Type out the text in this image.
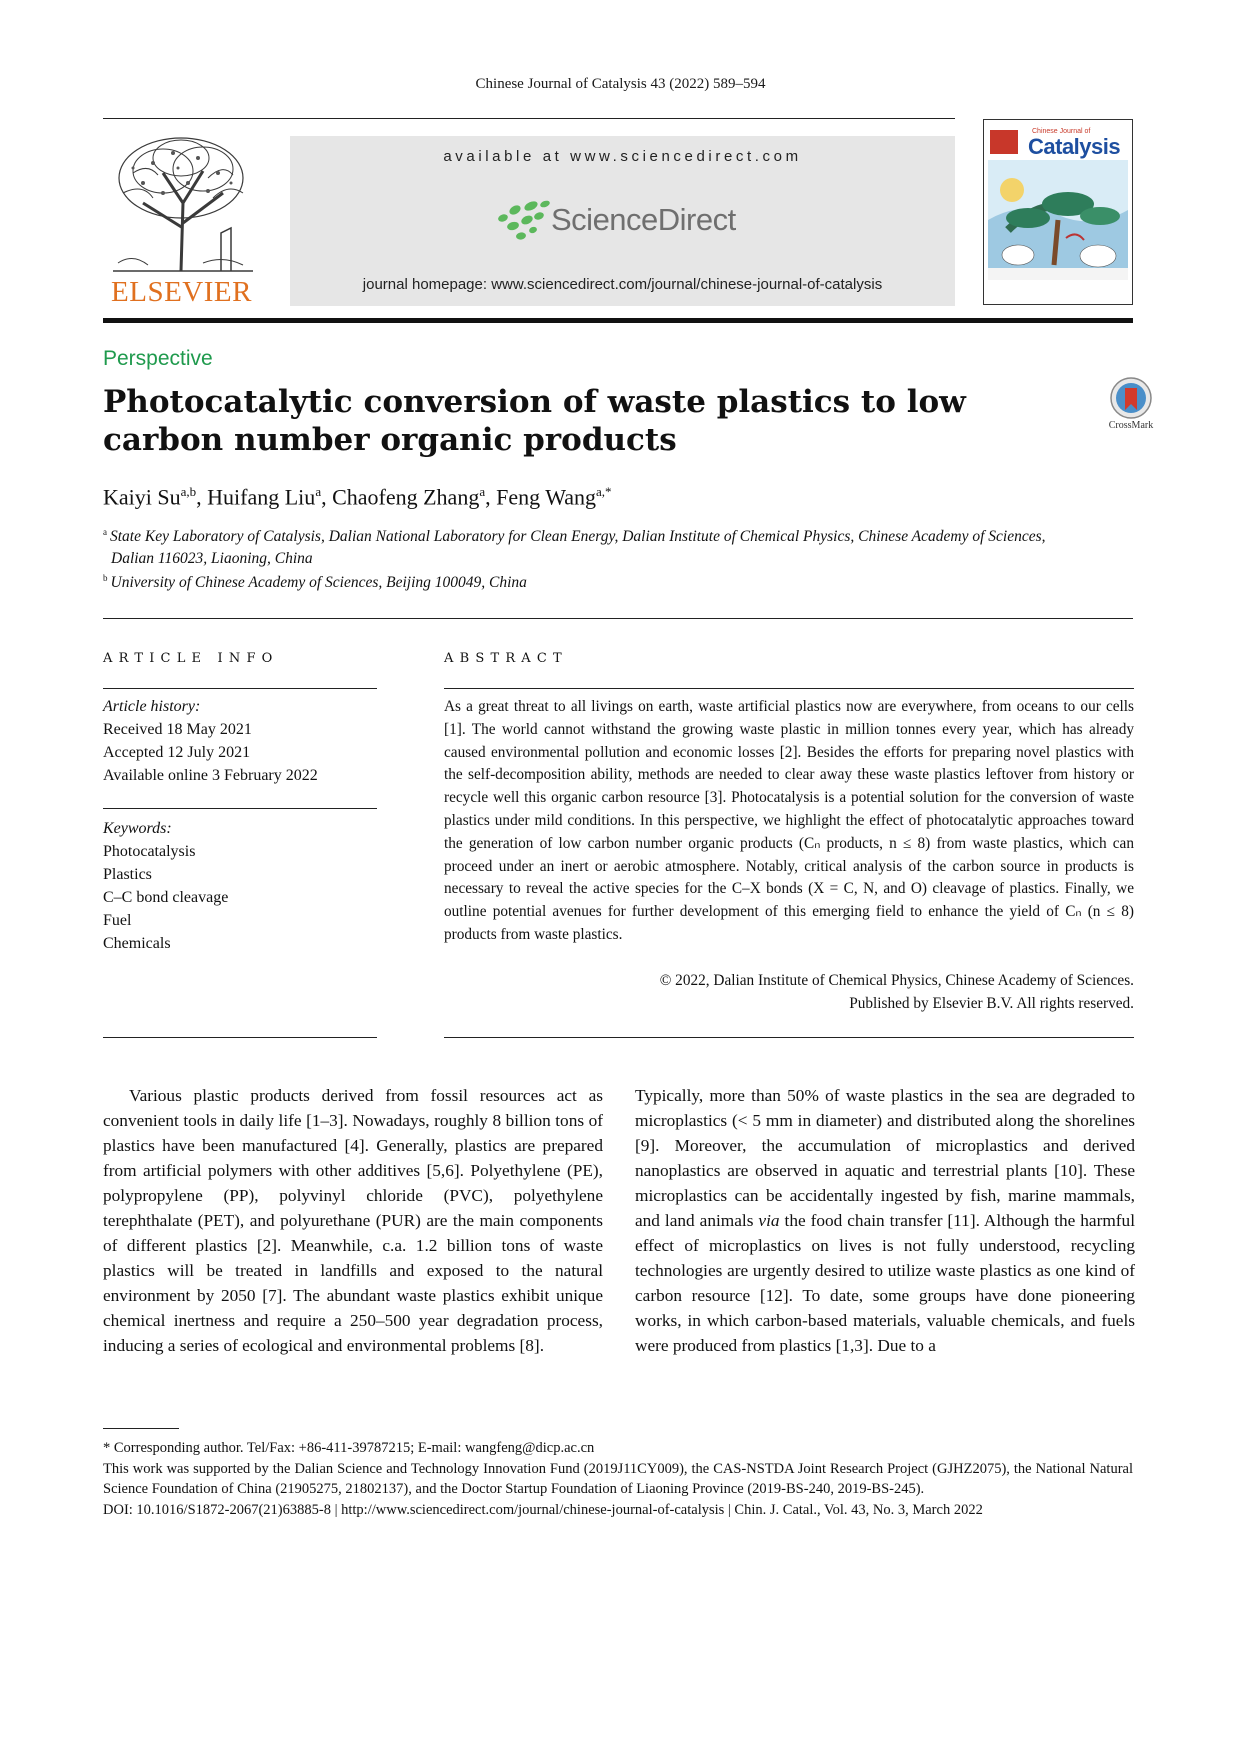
Chinese Journal of Catalysis 43 (2022) 589–594
ELSEVIER
available at www.sciencedirect.com
ScienceDirect
journal homepage: www.sciencedirect.com/journal/chinese-journal-of-catalysis
Chinese Journal of
Catalysis
Perspective
Photocatalytic conversion of waste plastics to low carbon number organic products	CrossMark
Kaiyi Su$^{a,b}$, Huifang Liu$^a$, Chaofeng Zhang$^a$, Feng Wang$^{a,*}$
$^a$ State Key Laboratory of Catalysis, Dalian National Laboratory for Clean Energy, Dalian Institute of Chemical Physics, Chinese Academy of Sciences,
Dalian 116023, Liaoning, China
$^b$ University of Chinese Academy of Sciences, Beijing 100049, China
ARTICLE INFO
Article history:
Received 18 May 2021
Accepted 12 July 2021
Available online 3 February 2022
Keywords:
Photocatalysis
Plastics
C–C bond cleavage
Fuel
Chemicals
ABSTRACT
As a great threat to all livings on earth, waste artificial plastics now are everywhere, from oceans to our cells [1]. The world cannot withstand the growing waste plastic in million tonnes every year, which has already caused environmental pollution and economic losses [2]. Besides the efforts for preparing novel plastics with the self-decomposition ability, methods are needed to clear away these waste plastics leftover from history or recycle well this organic carbon resource [3]. Photocatalysis is a potential solution for the conversion of waste plastics under mild conditions. In this perspective, we highlight the effect of photocatalytic approaches toward the generation of low carbon number organic products (Cₙ products, n ≤ 8) from waste plastics, which can proceed under an inert or aerobic atmosphere. Notably, critical analysis of the carbon source in products is necessary to reveal the active species for the C–X bonds (X = C, N, and O) cleavage of plastics. Finally, we outline potential avenues for further development of this emerging field to enhance the yield of Cₙ (n ≤ 8) products from waste plastics.
© 2022, Dalian Institute of Chemical Physics, Chinese Academy of Sciences.
Published by Elsevier B.V. All rights reserved.

Various plastic products derived from fossil resources act as convenient tools in daily life [1–3]. Nowadays, roughly 8 billion tons of plastics have been manufactured [4]. Generally, plastics are prepared from artificial polymers with other additives [5,6]. Polyethylene (PE), polypropylene (PP), polyvinyl chloride (PVC), polyethylene terephthalate (PET), and polyurethane (PUR) are the main components of different plastics [2]. Meanwhile, c.a. 1.2 billion tons of waste plastics will be treated in landfills and exposed to the natural environment by 2050 [7]. The abundant waste plastics exhibit unique chemical inertness and require a 250–500 year degradation process, inducing a series of ecological and environmental problems [8].

Typically, more than 50% of waste plastics in the sea are degraded to microplastics (< 5 mm in diameter) and distributed along the shorelines [9]. Moreover, the accumulation of microplastics and derived nanoplastics are observed in aquatic and terrestrial plants [10]. These microplastics can be accidentally ingested by fish, marine mammals, and land animals via the food chain transfer [11]. Although the harmful effect of microplastics on lives is not fully understood, recycling technologies are urgently desired to utilize waste plastics as one kind of carbon resource [12]. To date, some groups have done pioneering works, in which carbon-based materials, valuable chemicals, and fuels were produced from plastics [1,3]. Due to a

* Corresponding author. Tel/Fax: +86-411-39787215; E-mail: wangfeng@dicp.ac.cn

This work was supported by the Dalian Science and Technology Innovation Fund (2019J11CY009), the CAS-NSTDA Joint Research Project (GJHZ2075), the National Natural Science Foundation of China (21905275, 21802137), and the Doctor Startup Foundation of Liaoning Province (2019-BS-240, 2019-BS-245).

DOI: 10.1016/S1872-2067(21)63885-8 | http://www.sciencedirect.com/journal/chinese-journal-of-catalysis | Chin. J. Catal., Vol. 43, No. 3, March 2022
